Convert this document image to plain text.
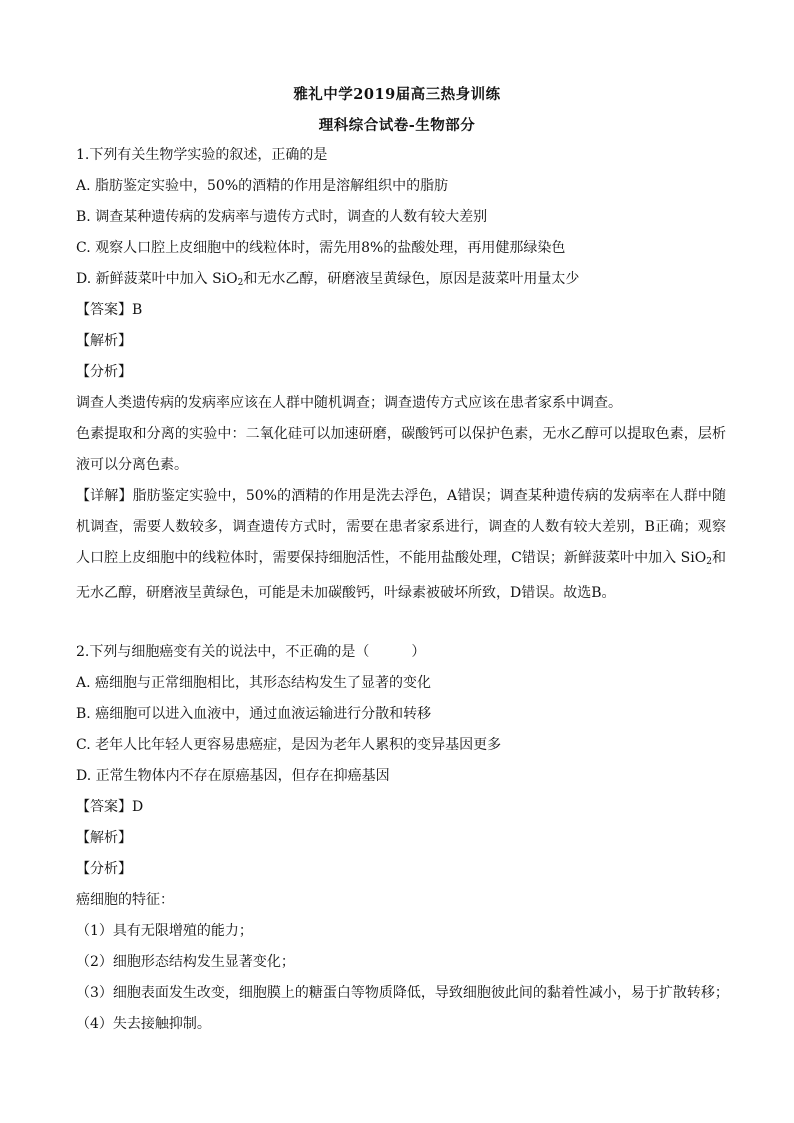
雅礼中学2019届高三热身训练
理科综合试卷-生物部分
1.下列有关生物学实验的叙述，正确的是
A. 脂肪鉴定实验中，50%的酒精的作用是溶解组织中的脂肪
B. 调查某种遗传病的发病率与遗传方式时，调查的人数有较大差别
C. 观察人口腔上皮细胞中的线粒体时，需先用8%的盐酸处理，再用健那绿染色
D. 新鲜菠菜叶中加入 SiO$_2$和无水乙醇，研磨液呈黄绿色，原因是菠菜叶用量太少
【答案】B
【解析】
【分析】
调查人类遗传病的发病率应该在人群中随机调查；调查遗传方式应该在患者家系中调查。
色素提取和分离的实验中：二氧化硅可以加速研磨，碳酸钙可以保护色素，无水乙醇可以提取色素，层析液可以分离色素。
【详解】脂肪鉴定实验中，50%的酒精的作用是洗去浮色，A错误；调查某种遗传病的发病率在人群中随机调查，需要人数较多，调查遗传方式时，需要在患者家系进行，调查的人数有较大差别，B正确；观察人口腔上皮细胞中的线粒体时，需要保持细胞活性，不能用盐酸处理，C错误；新鲜菠菜叶中加入 SiO$_2$和无水乙醇，研磨液呈黄绿色，可能是未加碳酸钙，叶绿素被破坏所致，D错误。故选B。
2.下列与细胞癌变有关的说法中，不正确的是（　　　）
A. 癌细胞与正常细胞相比，其形态结构发生了显著的变化
B. 癌细胞可以进入血液中，通过血液运输进行分散和转移
C. 老年人比年轻人更容易患癌症，是因为老年人累积的变异基因更多
D. 正常生物体内不存在原癌基因，但存在抑癌基因
【答案】D
【解析】
【分析】
癌细胞的特征：
（1）具有无限增殖的能力；
（2）细胞形态结构发生显著变化；
（3）细胞表面发生改变，细胞膜上的糖蛋白等物质降低，导致细胞彼此间的黏着性减小，易于扩散转移；
（4）失去接触抑制。
